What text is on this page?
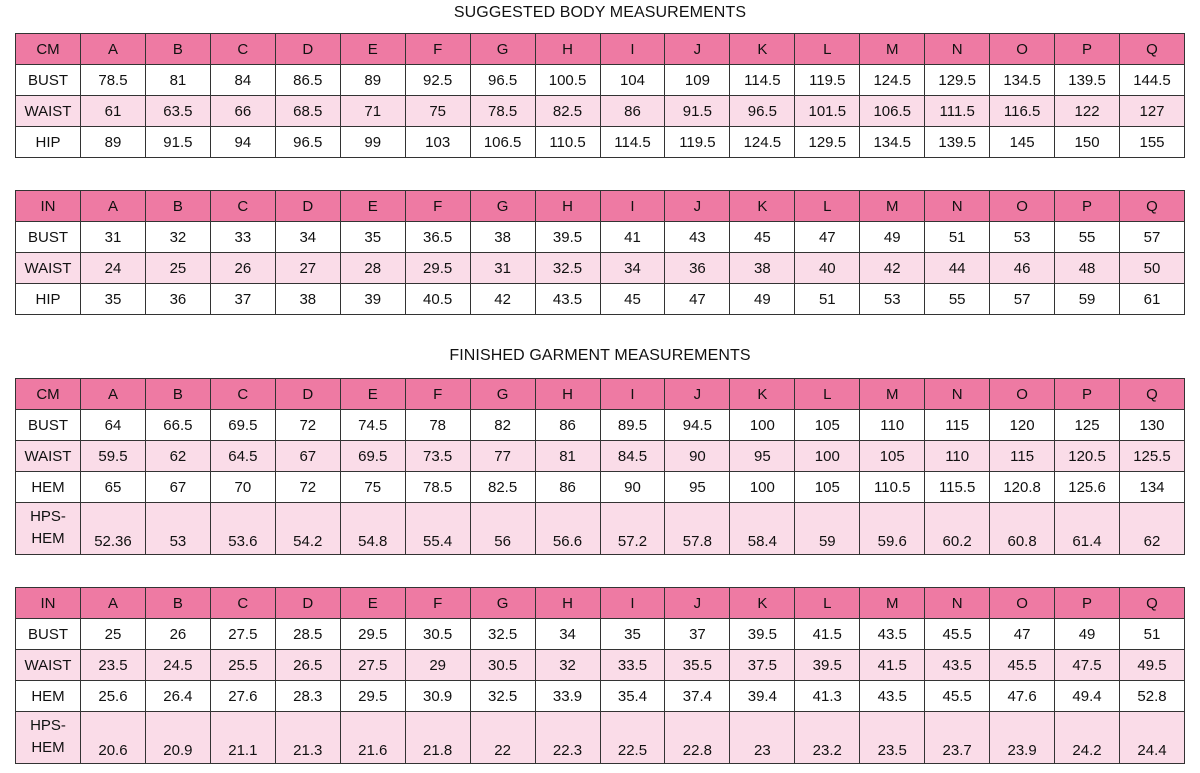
SUGGESTED BODY MEASUREMENTS
CM	A	B	C	D	E	F	G	H	I	J	K	L	M	N	O	P	Q
BUST	78.5	81	84	86.5	89	92.5	96.5	100.5	104	109	114.5	119.5	124.5	129.5	134.5	139.5	144.5
WAIST	61	63.5	66	68.5	71	75	78.5	82.5	86	91.5	96.5	101.5	106.5	111.5	116.5	122	127
HIP	89	91.5	94	96.5	99	103	106.5	110.5	114.5	119.5	124.5	129.5	134.5	139.5	145	150	155
IN	A	B	C	D	E	F	G	H	I	J	K	L	M	N	O	P	Q
BUST	31	32	33	34	35	36.5	38	39.5	41	43	45	47	49	51	53	55	57
WAIST	24	25	26	27	28	29.5	31	32.5	34	36	38	40	42	44	46	48	50
HIP	35	36	37	38	39	40.5	42	43.5	45	47	49	51	53	55	57	59	61
FINISHED GARMENT MEASUREMENTS
CM	A	B	C	D	E	F	G	H	I	J	K	L	M	N	O	P	Q
BUST	64	66.5	69.5	72	74.5	78	82	86	89.5	94.5	100	105	110	115	120	125	130
WAIST	59.5	62	64.5	67	69.5	73.5	77	81	84.5	90	95	100	105	110	115	120.5	125.5
HEM	65	67	70	72	75	78.5	82.5	86	90	95	100	105	110.5	115.5	120.8	125.6	134

HPS-
HEM	52.36	53	53.6	54.2	54.8	55.4	56	56.6	57.2	57.8	58.4	59	59.6	60.2	60.8	61.4	62
IN	A	B	C	D	E	F	G	H	I	J	K	L	M	N	O	P	Q
BUST	25	26	27.5	28.5	29.5	30.5	32.5	34	35	37	39.5	41.5	43.5	45.5	47	49	51
WAIST	23.5	24.5	25.5	26.5	27.5	29	30.5	32	33.5	35.5	37.5	39.5	41.5	43.5	45.5	47.5	49.5
HEM	25.6	26.4	27.6	28.3	29.5	30.9	32.5	33.9	35.4	37.4	39.4	41.3	43.5	45.5	47.6	49.4	52.8

HPS-
HEM	20.6	20.9	21.1	21.3	21.6	21.8	22	22.3	22.5	22.8	23	23.2	23.5	23.7	23.9	24.2	24.4
